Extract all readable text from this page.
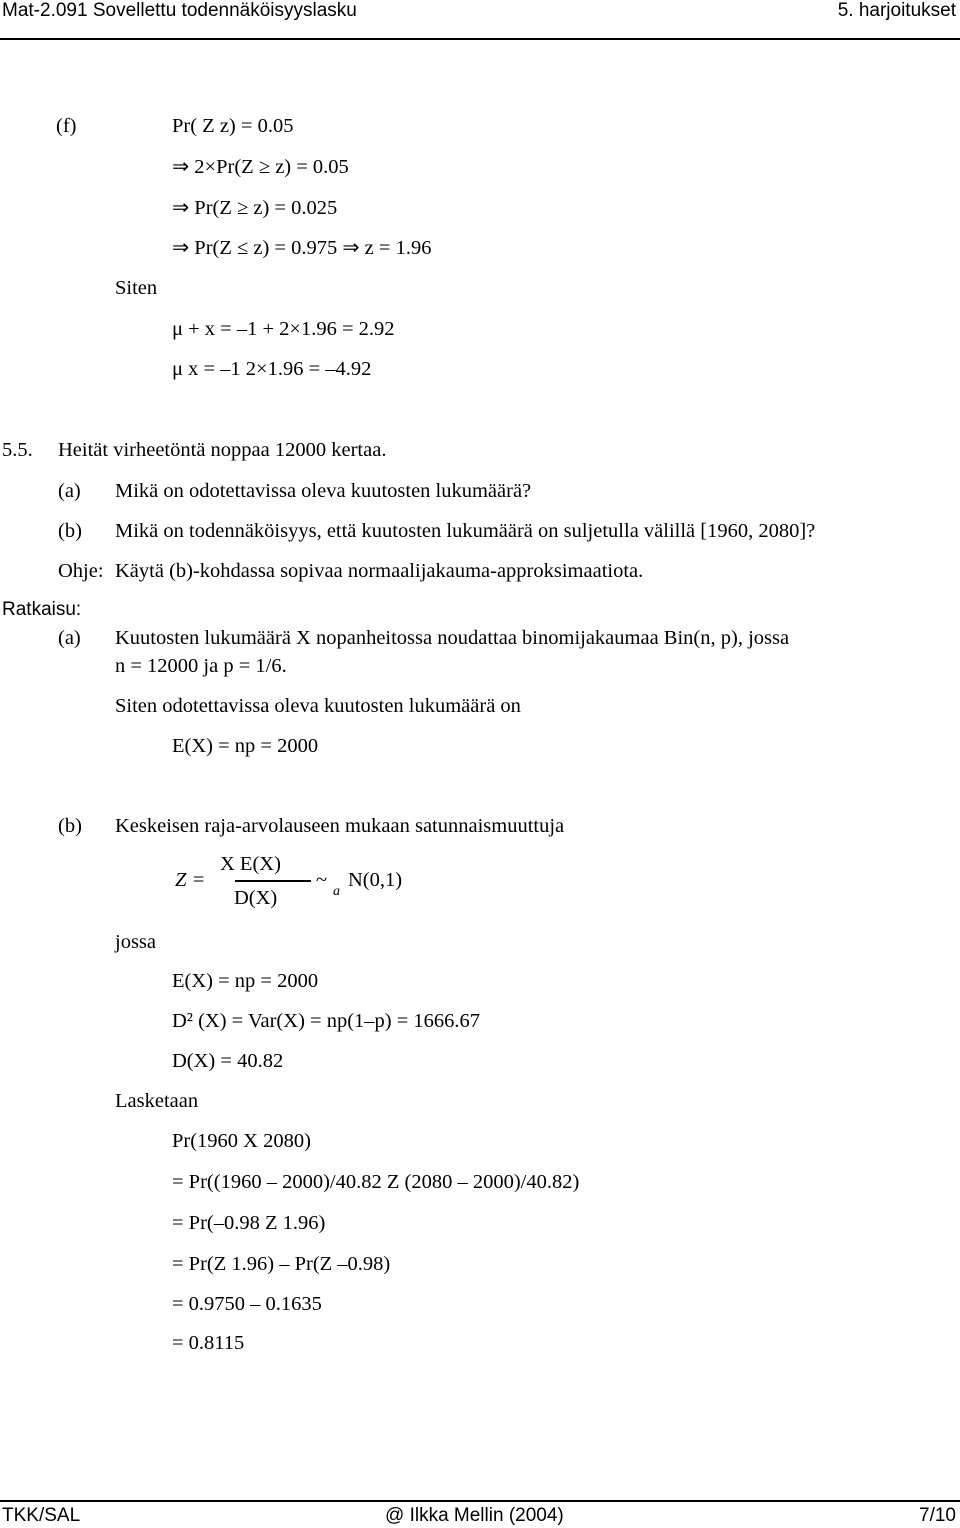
Mat-2.091 Sovellettu todennäköisyyslasku	5. harjoitukset
(f)	Pr( Z z) = 0.05
⇒ 2×Pr(Z ≥ z) = 0.05
⇒ Pr(Z ≥ z) = 0.025
⇒ Pr(Z ≤ z) = 0.975 ⇒ z = 1.96
Siten
μ + x = –1 + 2×1.96 = 2.92
μ x = –1 2×1.96 = –4.92
5.5. Heität virheetöntä noppaa 12000 kertaa.
(a) Mikä on odotettavissa oleva kuutosten lukumäärä?
(b) Mikä on todennäköisyys, että kuutosten lukumäärä on suljetulla välillä [1960, 2080]?
Ohje: Käytä (b)-kohdassa sopivaa normaalijakauma-approksimaatiota.
Ratkaisu:
(a) Kuutosten lukumäärä X nopanheitossa noudattaa binomijakaumaa Bin(n, p), jossa
n = 12000 ja p = 1/6.
Siten odotettavissa oleva kuutosten lukumäärä on
E(X) = np = 2000
(b) Keskeisen raja-arvolauseen mukaan satunnaismuuttuja
Z =
X E(X)
D(X)
~
a
N(0,1)
jossa
E(X) = np = 2000
D² (X) = Var(X) = np(1–p) = 1666.67
D(X) = 40.82
Lasketaan
Pr(1960 X 2080)
= Pr((1960 – 2000)/40.82 Z (2080 – 2000)/40.82)
= Pr(–0.98 Z 1.96)
= Pr(Z 1.96) – Pr(Z –0.98)
= 0.9750 – 0.1635
= 0.8115
TKK/SAL	@ Ilkka Mellin (2004)	7/10
